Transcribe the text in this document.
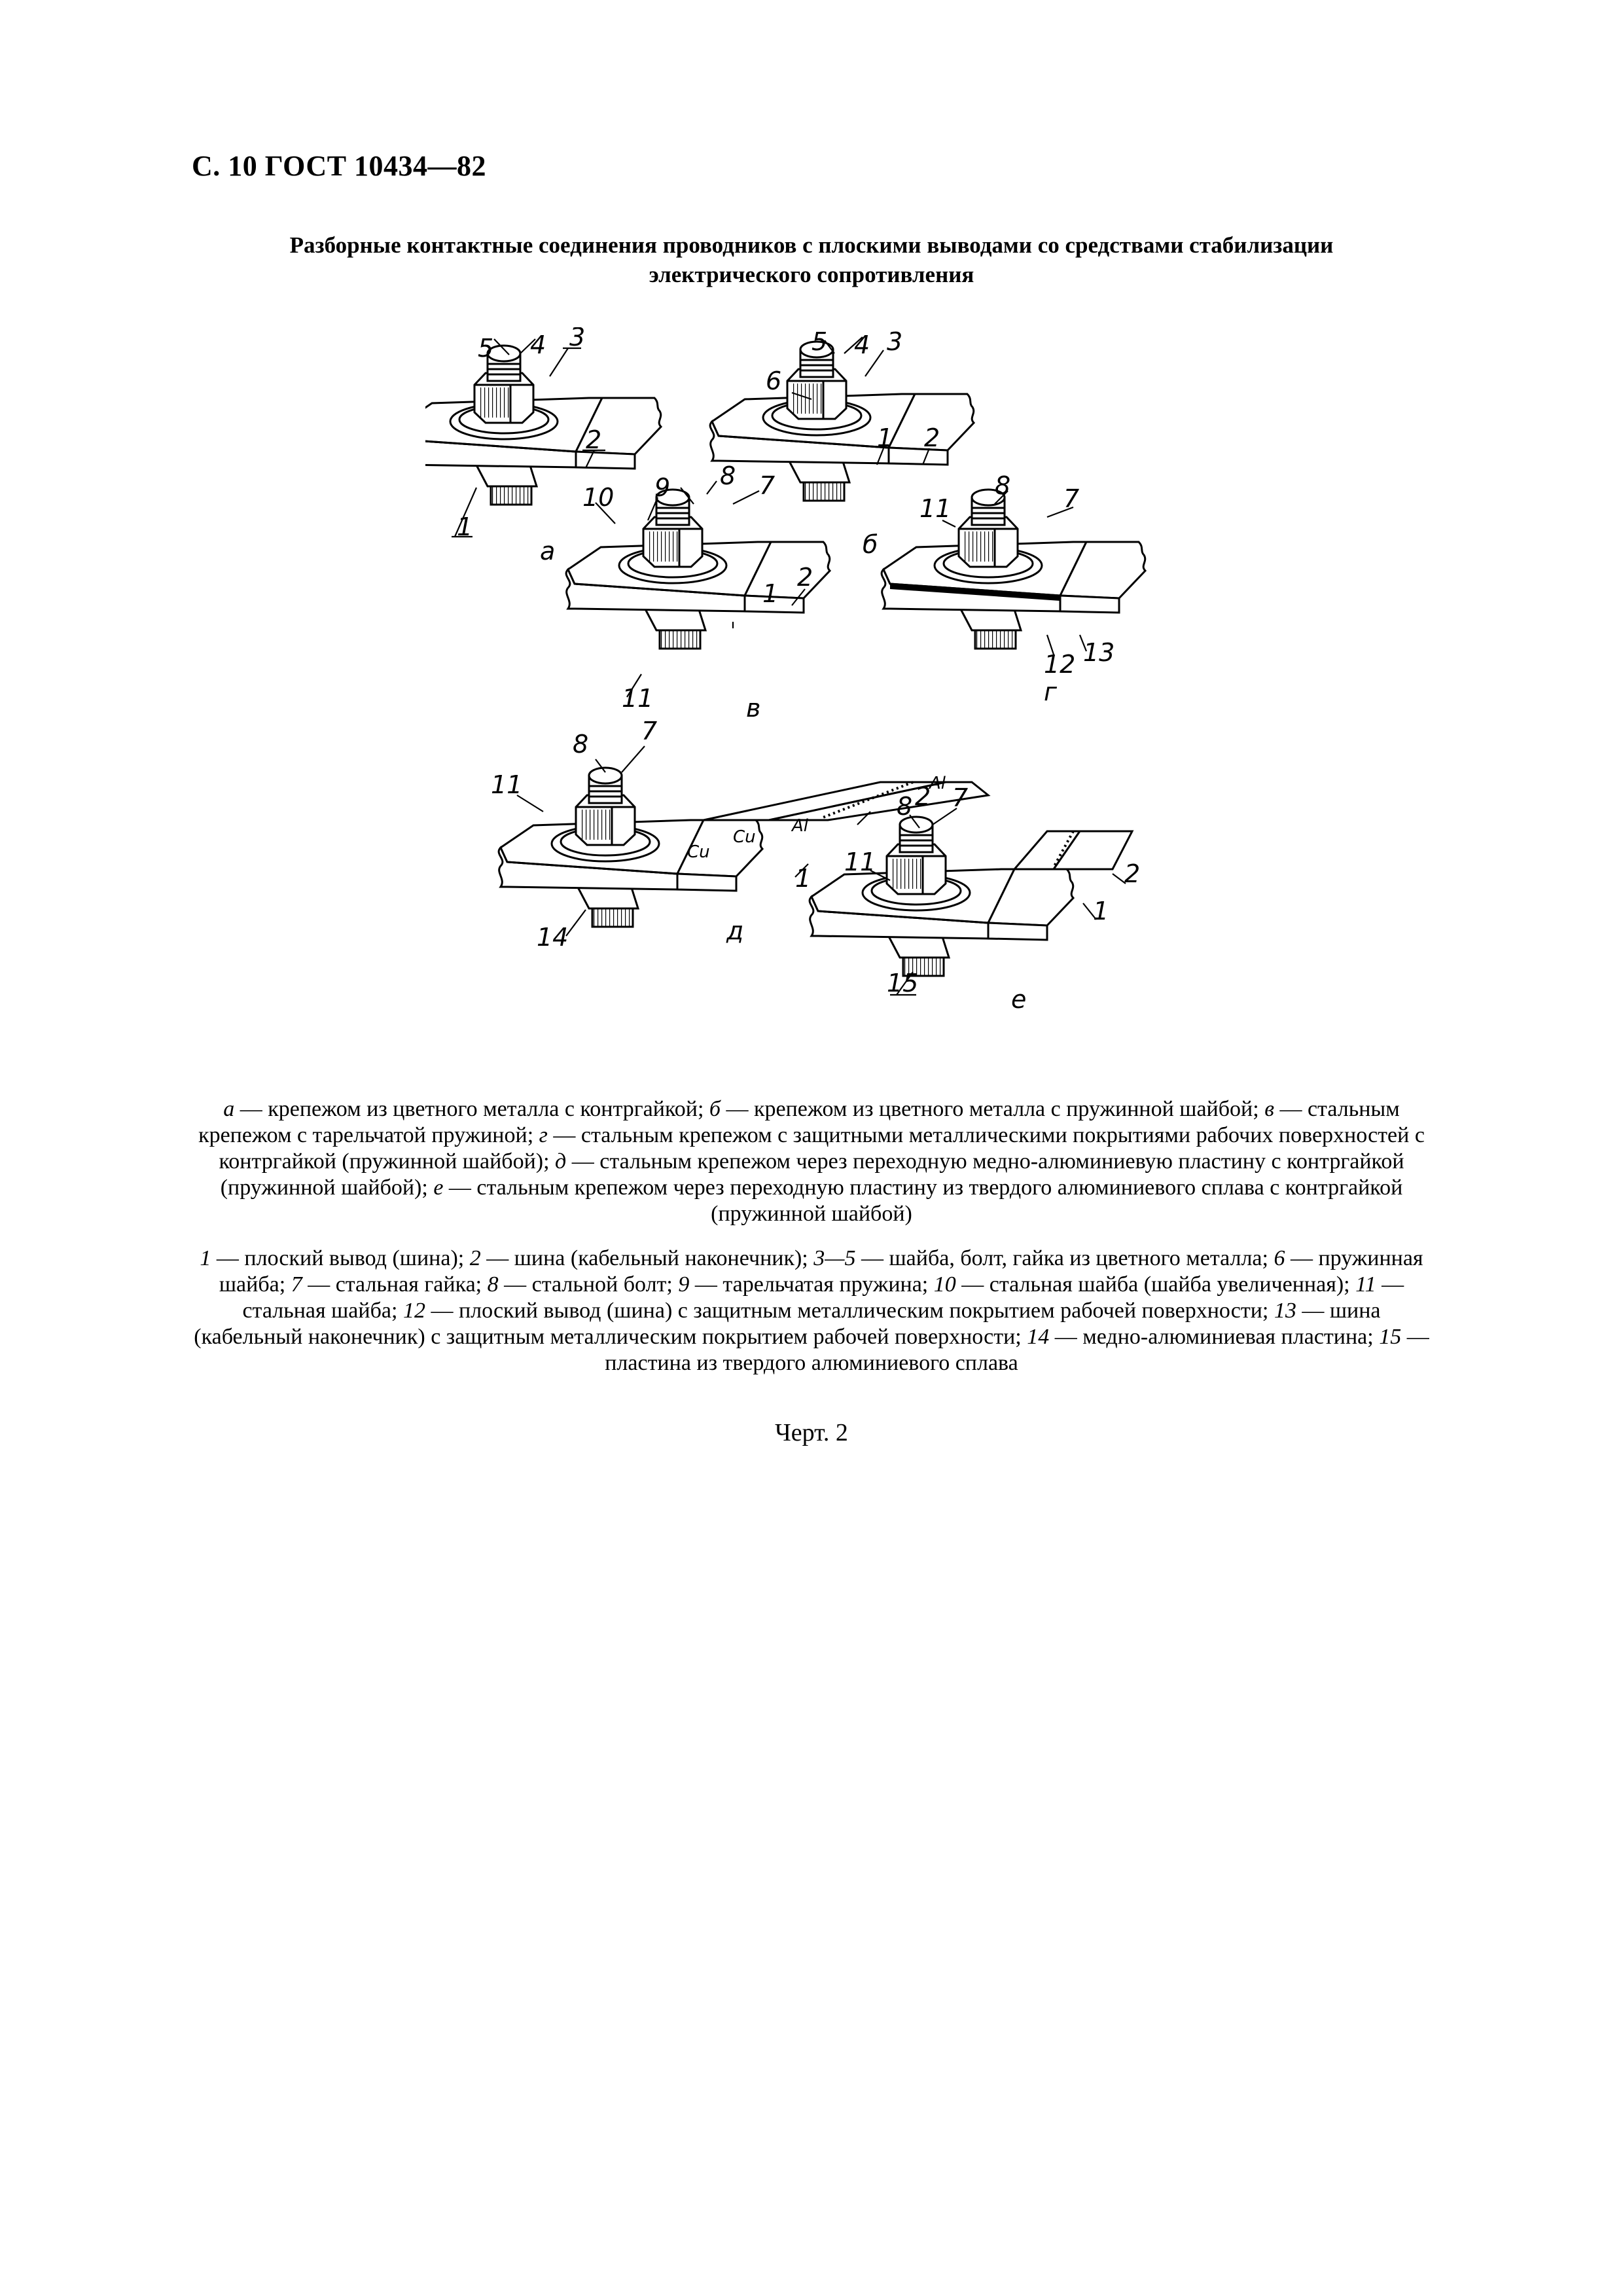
С. 10 ГОСТ 10434—82
Разборные контактные соединения проводников с плоскими выводами со средствами стабилизации
электрического сопротивления
а
1
2
5 4 3
б
6
5 4 3
1 2
в
8 7
9
10
2
1
11	г
8 7
11
12 13
Cu
Cu
Al
Al
д
8 7
11	2
1
14
е
8 7
11	2
1
15
а — крепежом из цветного металла с контргайкой; б — крепежом из цветного металла с пружинной шайбой; в — стальным крепежом с тарельчатой пружиной; г — стальным крепежом с защитными металлическими покрытиями рабочих поверхностей с контргайкой (пружинной шайбой); д — стальным крепежом через переходную медно-алюминиевую пластину с контргайкой (пружинной шайбой); е — стальным крепежом через переходную пластину из твердого алюминиевого сплава с контргайкой (пружинной шайбой)
1 — плоский вывод (шина); 2 — шина (кабельный наконечник); 3—5 — шайба, болт, гайка из цветного металла; 6 — пружинная шайба; 7 — стальная гайка; 8 — стальной болт; 9 — тарельчатая пружина; 10 — стальная шайба (шайба увеличенная); 11 — стальная шайба; 12 — плоский вывод (шина) с защитным металлическим покрытием рабочей поверхности; 13 — шина (кабельный наконечник) с защитным металлическим покрытием рабочей поверхности; 14 — медно-алюминиевая пластина; 15 — пластина из твердого алюминиевого сплава
Черт. 2
